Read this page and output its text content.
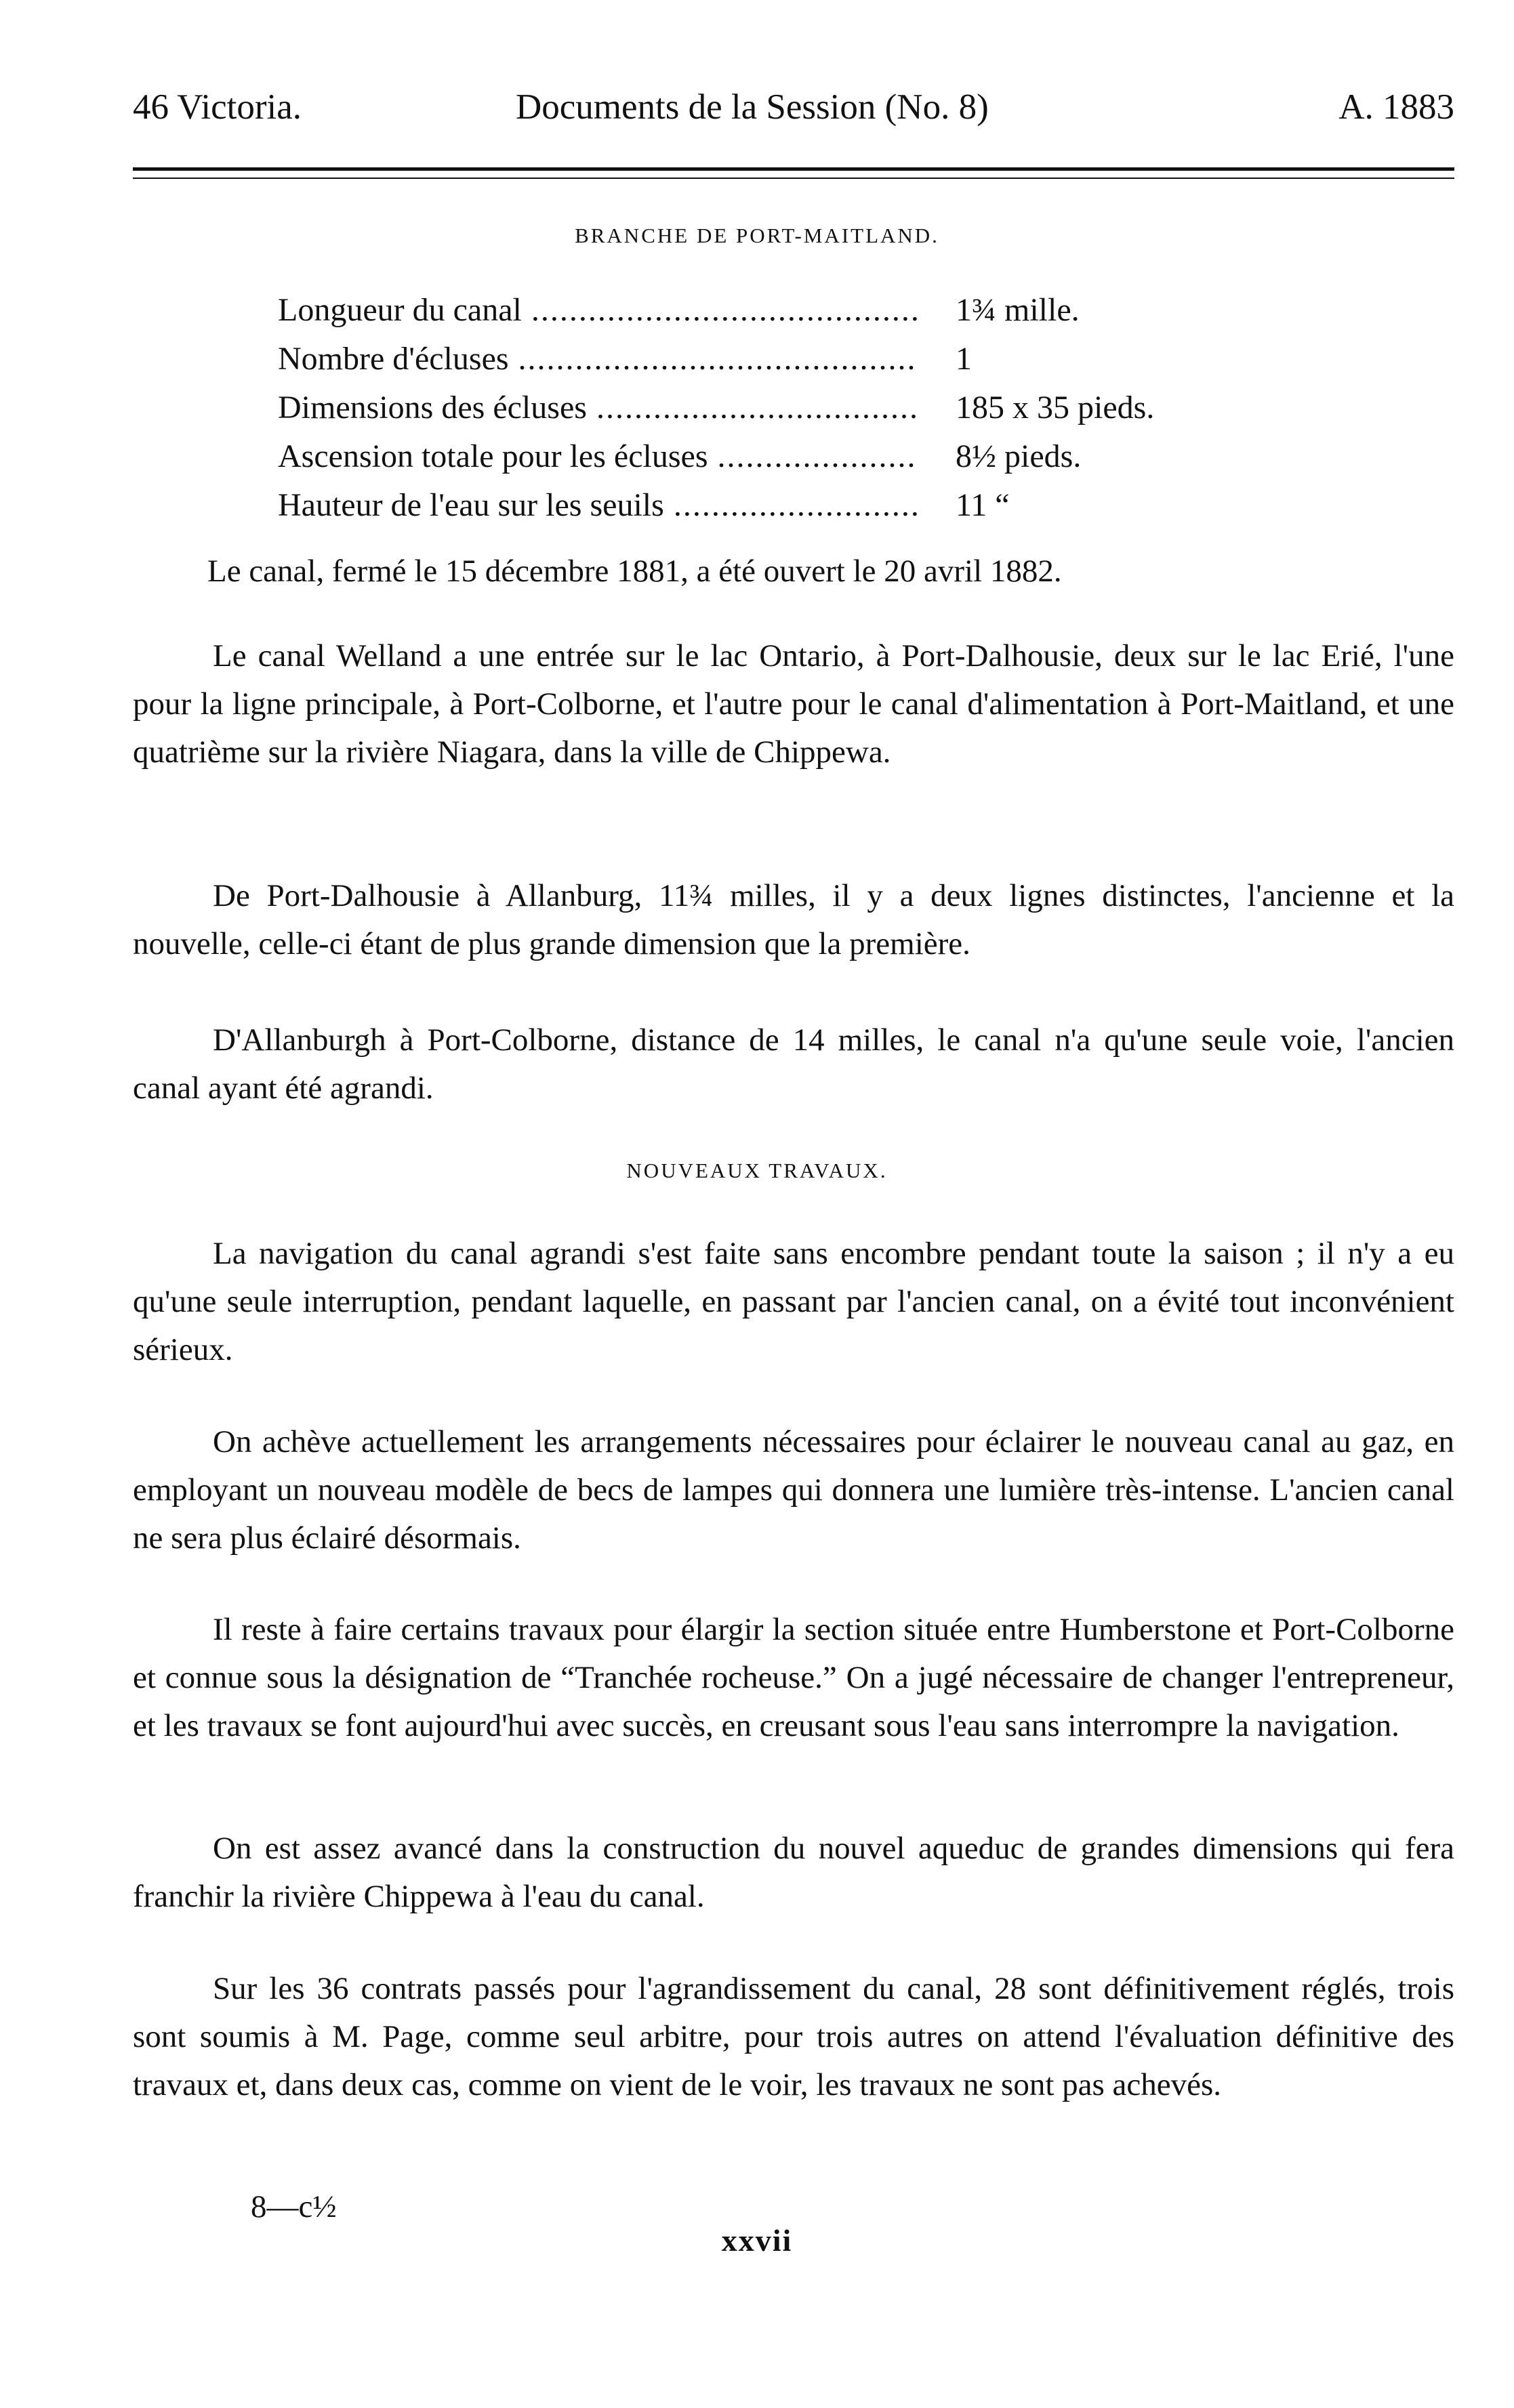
46 Victoria.	Documents de la Session (No. 8)	A. 1883
BRANCHE DE PORT-MAITLAND.
Longueur du canal .....	1¾ mille.
Nombre d'écluses .....	1
Dimensions des écluses .....	185 x 35 pieds.
Ascension totale pour les écluses .....	8½ pieds.
Hauteur de l'eau sur les seuils .....	11 “

Le canal, fermé le 15 décembre 1881, a été ouvert le 20 avril 1882.

Le canal Welland a une entrée sur le lac Ontario, à Port-Dalhousie, deux sur le lac Erié, l'une pour la ligne principale, à Port-Colborne, et l'autre pour le canal d'alimentation à Port-Maitland, et une quatrième sur la rivière Niagara, dans la ville de Chippewa.

De Port-Dalhousie à Allanburg, 11¾ milles, il y a deux lignes distinctes, l'ancienne et la nouvelle, celle-ci étant de plus grande dimension que la première.

D'Allanburgh à Port-Colborne, distance de 14 milles, le canal n'a qu'une seule voie, l'ancien canal ayant été agrandi.

NOUVEAUX TRAVAUX.

La navigation du canal agrandi s'est faite sans encombre pendant toute la saison ; il n'y a eu qu'une seule interruption, pendant laquelle, en passant par l'ancien canal, on a évité tout inconvénient sérieux.

On achève actuellement les arrangements nécessaires pour éclairer le nouveau canal au gaz, en employant un nouveau modèle de becs de lampes qui donnera une lumière très-intense. L'ancien canal ne sera plus éclairé désormais.

Il reste à faire certains travaux pour élargir la section située entre Humberstone et Port-Colborne et connue sous la désignation de “Tranchée rocheuse.” On a jugé nécessaire de changer l'entrepreneur, et les travaux se font aujourd'hui avec succès, en creusant sous l'eau sans interrompre la navigation.

On est assez avancé dans la construction du nouvel aqueduc de grandes dimensions qui fera franchir la rivière Chippewa à l'eau du canal.

Sur les 36 contrats passés pour l'agrandissement du canal, 28 sont définitivement réglés, trois sont soumis à M. Page, comme seul arbitre, pour trois autres on attend l'évaluation définitive des travaux et, dans deux cas, comme on vient de le voir, les travaux ne sont pas achevés.

8—c½
xxvii
